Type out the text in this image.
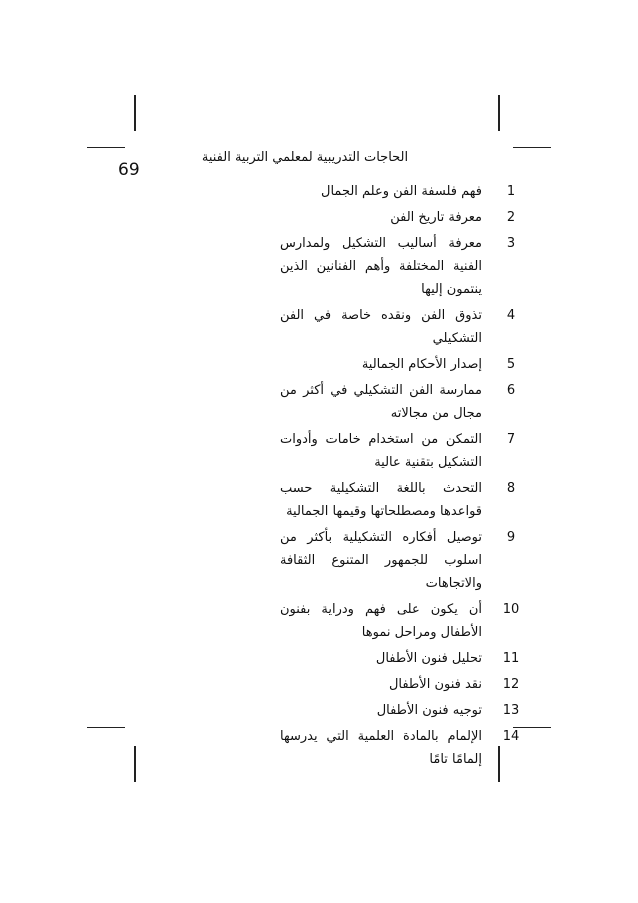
69
الحاجات التدريبية لمعلمي التربية الفنية
1
فهم فلسفة الفن وعلم الجمال
2
معرفة تاريخ الفن
3
معرفة أساليب التشكيل ولمدارس الفنية المختلفة وأهم الفنانين الذين ينتمون إليها
4
تذوق الفن ونقده خاصة في الفن التشكيلي
5
إصدار الأحكام الجمالية
6
ممارسة الفن التشكيلي في أكثر من مجال من مجالاته
7
التمكن من استخدام خامات وأدوات التشكيل بتقنية عالية
8
التحدث باللغة التشكيلية حسب قواعدها ومصطلحاتها وقيمها الجمالية
9
توصيل أفكاره التشكيلية بأكثر من اسلوب للجمهور المتنوع الثقافة والاتجاهات
10
أن يكون على فهم ودراية بفنون الأطفال ومراحل نموها
11
تحليل فنون الأطفال
12
نقد فنون الأطفال
13
توجيه فنون الأطفال
14
الإلمام بالمادة العلمية التي يدرسها إلمامًا تامًا
